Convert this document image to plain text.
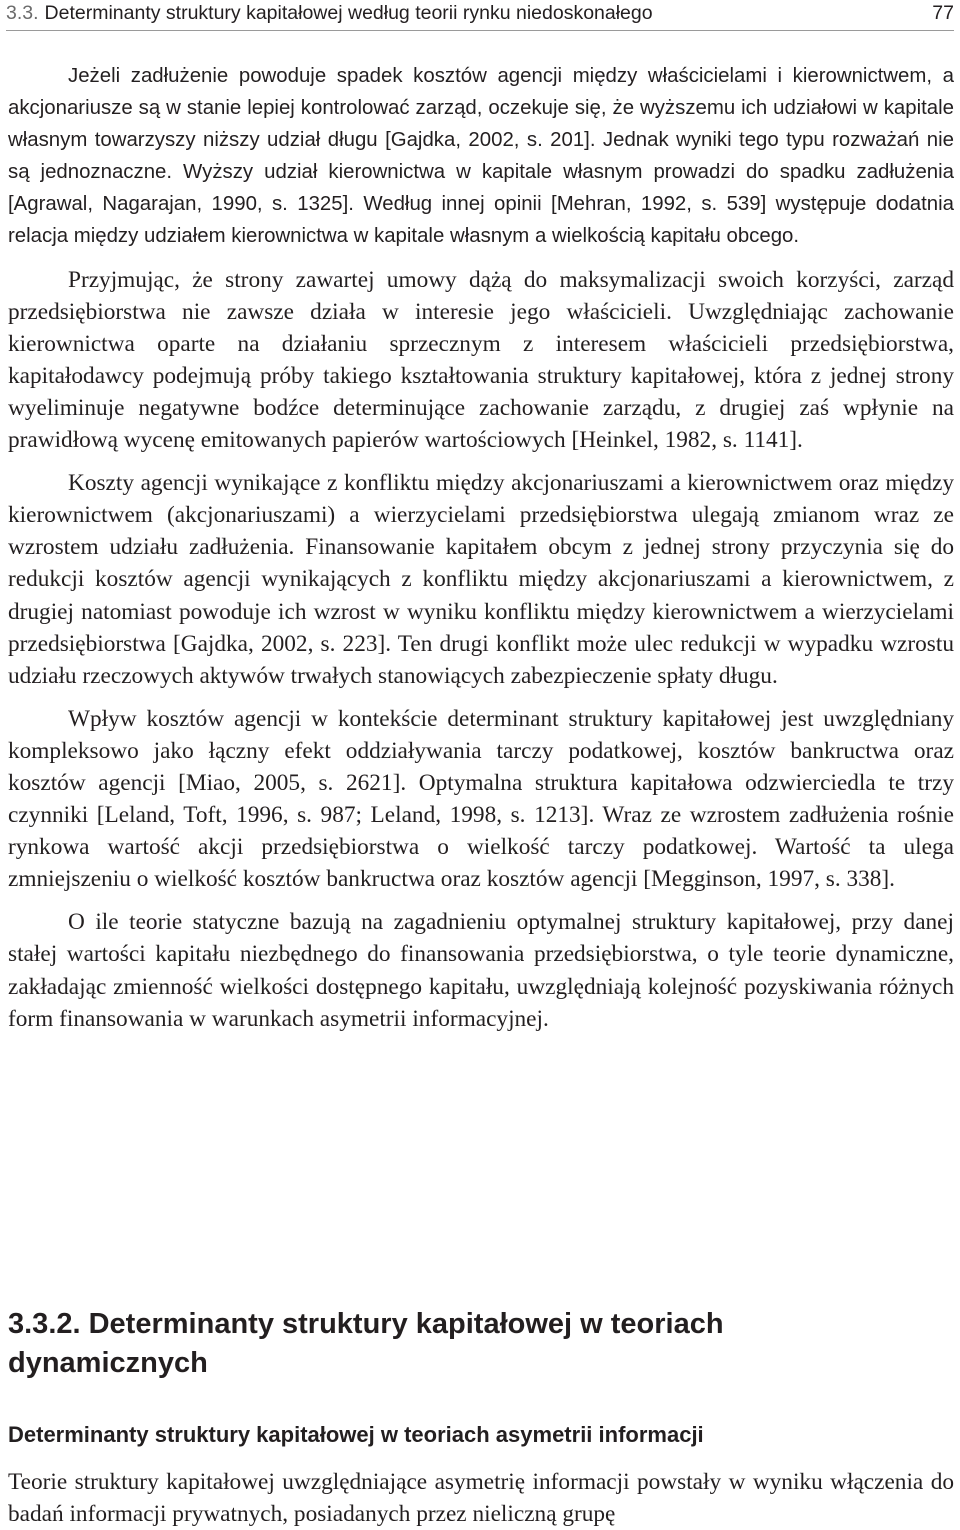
3.3. Determinanty struktury kapitałowej według teorii rynku niedoskonałego	77

Jeżeli zadłużenie powoduje spadek kosztów agencji między właścicielami i kierownictwem, a akcjonariusze są w stanie lepiej kontrolować zarząd, oczekuje się, że wyższemu ich udziałowi w kapitale własnym towarzyszy niższy udział długu [Gajdka, 2002, s. 201]. Jednak wyniki tego typu rozważań nie są jednoznaczne. Wyższy udział kierownictwa w kapitale własnym prowadzi do spadku zadłużenia [Agrawal, Nagarajan, 1990, s. 1325]. Według innej opinii [Mehran, 1992, s. 539] występuje dodatnia relacja między udziałem kierownictwa w kapitale własnym a wielkością kapitału obcego.

Przyjmując, że strony zawartej umowy dążą do maksymalizacji swoich korzyści, zarząd przedsiębiorstwa nie zawsze działa w interesie jego właścicieli. Uwzględniając zachowanie kierownictwa oparte na działaniu sprzecznym z interesem właścicieli przedsiębiorstwa, kapitałodawcy podejmują próby takiego kształtowania struktury kapitałowej, która z jednej strony wyeliminuje negatywne bodźce determinujące zachowanie zarządu, z drugiej zaś wpłynie na prawidłową wycenę emitowanych papierów wartościowych [Heinkel, 1982, s. 1141].

Koszty agencji wynikające z konfliktu między akcjonariuszami a kierownictwem oraz między kierownictwem (akcjonariuszami) a wierzycielami przedsiębiorstwa ulegają zmianom wraz ze wzrostem udziału zadłużenia. Finansowanie kapitałem obcym z jednej strony przyczynia się do redukcji kosztów agencji wynikających z konfliktu między akcjonariuszami a kierownictwem, z drugiej natomiast powoduje ich wzrost w wyniku konfliktu między kierownictwem a wierzycielami przedsiębiorstwa [Gajdka, 2002, s. 223]. Ten drugi konflikt może ulec redukcji w wypadku wzrostu udziału rzeczowych aktywów trwałych stanowiących zabezpieczenie spłaty długu.

Wpływ kosztów agencji w kontekście determinant struktury kapitałowej jest uwzględniany kompleksowo jako łączny efekt oddziaływania tarczy podatkowej, kosztów bankructwa oraz kosztów agencji [Miao, 2005, s. 2621]. Optymalna struktura kapitałowa odzwierciedla te trzy czynniki [Leland, Toft, 1996, s. 987; Leland, 1998, s. 1213]. Wraz ze wzrostem zadłużenia rośnie rynkowa wartość akcji przedsiębiorstwa o wielkość tarczy podatkowej. Wartość ta ulega zmniejszeniu o wielkość kosztów bankructwa oraz kosztów agencji [Megginson, 1997, s. 338].

O ile teorie statyczne bazują na zagadnieniu optymalnej struktury kapitałowej, przy danej stałej wartości kapitału niezbędnego do finansowania przedsiębiorstwa, o tyle teorie dynamiczne, zakładając zmienność wielkości dostępnego kapitału, uwzględniają kolejność pozyskiwania różnych form finansowania w warunkach asymetrii informacyjnej.

3.3.2. Determinanty struktury kapitałowej w teoriach dynamicznych
Determinanty struktury kapitałowej w teoriach asymetrii informacji

Teorie struktury kapitałowej uwzględniające asymetrię informacji powstały w wyniku włączenia do badań informacji prywatnych, posiadanych przez nieliczną grupę
